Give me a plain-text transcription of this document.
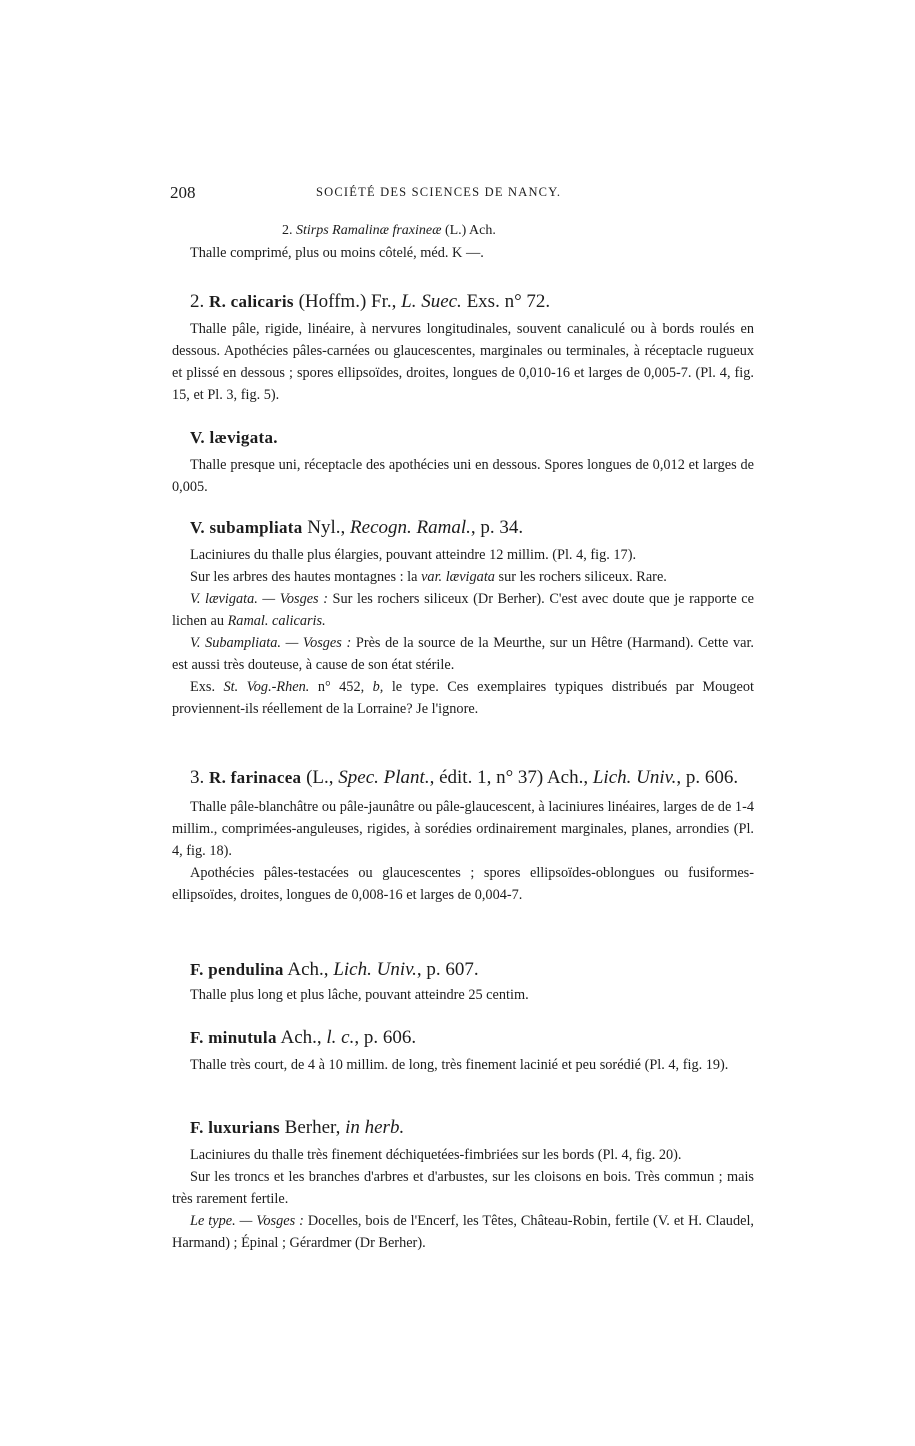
208	SOCIÉTÉ DES SCIENCES DE NANCY.

2. Stirps Ramalinæ fraxineæ (L.) Ach.

Thalle comprimé, plus ou moins côtelé, méd. K —.

2. R. calicaris (Hoffm.) Fr., L. Suec. Exs. n° 72.

Thalle pâle, rigide, linéaire, à nervures longitudinales, souvent canaliculé ou à bords roulés en dessous. Apothécies pâles-carnées ou glaucescentes, marginales ou terminales, à réceptacle rugueux et plissé en dessous ; spores ellipsoïdes, droites, longues de 0,010-16 et larges de 0,005-7. (Pl. 4, fig. 15, et Pl. 3, fig. 5).

V. lævigata.

Thalle presque uni, réceptacle des apothécies uni en dessous. Spores longues de 0,012 et larges de 0,005.

V. subampliata Nyl., Recogn. Ramal., p. 34.

Laciniures du thalle plus élargies, pouvant atteindre 12 millim. (Pl. 4, fig. 17).

Sur les arbres des hautes montagnes : la var. lævigata sur les rochers siliceux. Rare.

V. lævigata. — Vosges : Sur les rochers siliceux (Dr Berher). C'est avec doute que je rapporte ce lichen au Ramal. calicaris.

V. Subampliata. — Vosges : Près de la source de la Meurthe, sur un Hêtre (Harmand). Cette var. est aussi très douteuse, à cause de son état stérile.

Exs. St. Vog.-Rhen. n° 452, b, le type. Ces exemplaires typiques distribués par Mougeot proviennent-ils réellement de la Lorraine? Je l'ignore.

3. R. farinacea (L., Spec. Plant., édit. 1, n° 37) Ach., Lich. Univ., p. 606.

Thalle pâle-blanchâtre ou pâle-jaunâtre ou pâle-glaucescent, à laciniures linéaires, larges de de 1-4 millim., comprimées-anguleuses, rigides, à sorédies ordinairement marginales, planes, arrondies (Pl. 4, fig. 18).

Apothécies pâles-testacées ou glaucescentes ; spores ellipsoïdes-oblongues ou fusiformes-ellipsoïdes, droites, longues de 0,008-16 et larges de 0,004-7.

F. pendulina Ach., Lich. Univ., p. 607.

Thalle plus long et plus lâche, pouvant atteindre 25 centim.

F. minutula Ach., l. c., p. 606.

Thalle très court, de 4 à 10 millim. de long, très finement lacinié et peu sorédié (Pl. 4, fig. 19).

F. luxurians Berher, in herb.

Laciniures du thalle très finement déchiquetées-fimbriées sur les bords (Pl. 4, fig. 20).

Sur les troncs et les branches d'arbres et d'arbustes, sur les cloisons en bois. Très commun ; mais très rarement fertile.

Le type. — Vosges : Docelles, bois de l'Encerf, les Têtes, Château-Robin, fertile (V. et H. Claudel, Harmand) ; Épinal ; Gérardmer (Dr Berher).
